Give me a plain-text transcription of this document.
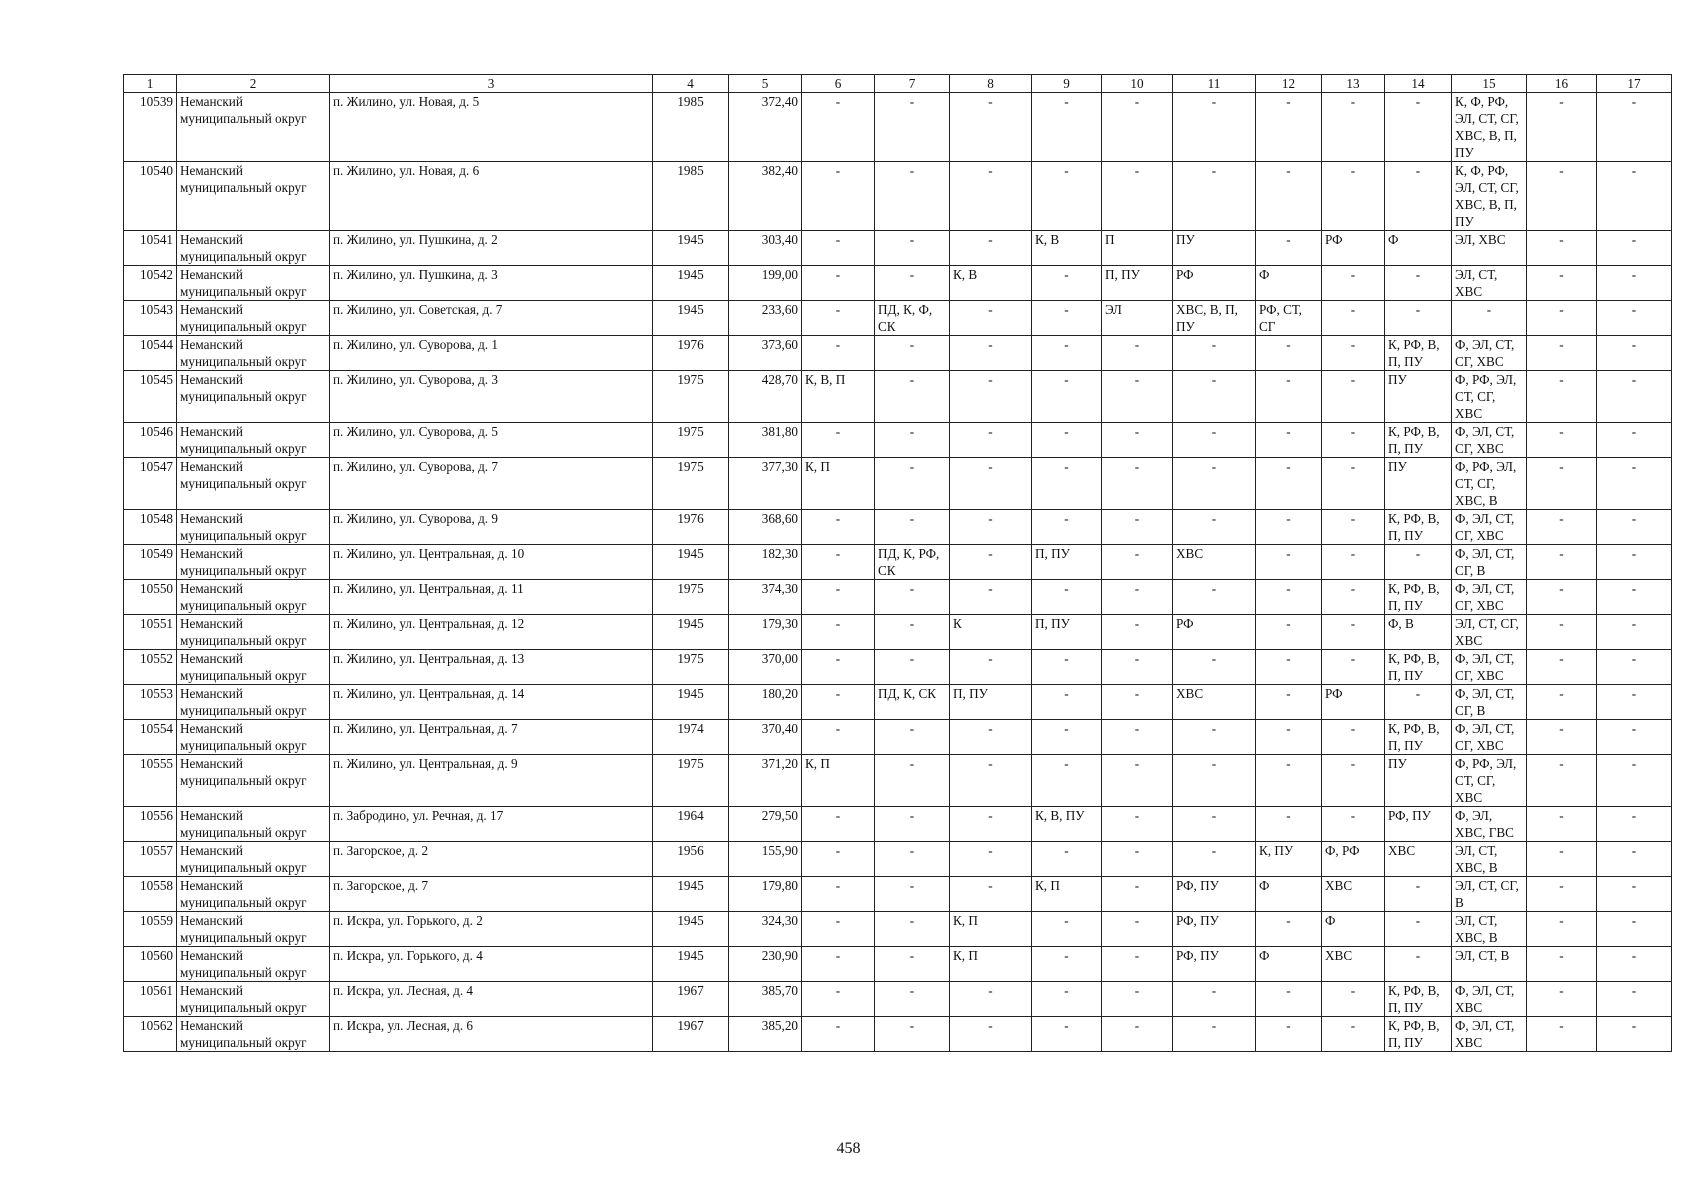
1	2	3	4	5	6	7	8	9	10	11	12	13	14	15	16	17
10539	Неманский муниципальный округ	п. Жилино, ул. Новая, д. 5	1985	372,40	-	-	-	-	-	-	-	-	-	К, Ф, РФ, ЭЛ, СТ, СГ, ХВС, В, П, ПУ	-	-
10540	Неманский муниципальный округ	п. Жилино, ул. Новая, д. 6	1985	382,40	-	-	-	-	-	-	-	-	-	К, Ф, РФ, ЭЛ, СТ, СГ, ХВС, В, П, ПУ	-	-
10541	Неманский муниципальный округ	п. Жилино, ул. Пушкина, д. 2	1945	303,40	-	-	-	К, В	П	ПУ	-	РФ	Ф	ЭЛ, ХВС	-	-
10542	Неманский муниципальный округ	п. Жилино, ул. Пушкина, д. 3	1945	199,00	-	-	К, В	-	П, ПУ	РФ	Ф	-	-	ЭЛ, СТ, ХВС	-	-
10543	Неманский муниципальный округ	п. Жилино, ул. Советская, д. 7	1945	233,60	-	ПД, К, Ф, СК	-	-	ЭЛ	ХВС, В, П, ПУ	РФ, СТ, СГ	-	-	-	-	-
10544	Неманский муниципальный округ	п. Жилино, ул. Суворова, д. 1	1976	373,60	-	-	-	-	-	-	-	-	К, РФ, В, П, ПУ	Ф, ЭЛ, СТ, СГ, ХВС	-	-
10545	Неманский муниципальный округ	п. Жилино, ул. Суворова, д. 3	1975	428,70	К, В, П	-	-	-	-	-	-	-	ПУ	Ф, РФ, ЭЛ, СТ, СГ, ХВС	-	-
10546	Неманский муниципальный округ	п. Жилино, ул. Суворова, д. 5	1975	381,80	-	-	-	-	-	-	-	-	К, РФ, В, П, ПУ	Ф, ЭЛ, СТ, СГ, ХВС	-	-
10547	Неманский муниципальный округ	п. Жилино, ул. Суворова, д. 7	1975	377,30	К, П	-	-	-	-	-	-	-	ПУ	Ф, РФ, ЭЛ, СТ, СГ, ХВС, В	-	-
10548	Неманский муниципальный округ	п. Жилино, ул. Суворова, д. 9	1976	368,60	-	-	-	-	-	-	-	-	К, РФ, В, П, ПУ	Ф, ЭЛ, СТ, СГ, ХВС	-	-
10549	Неманский муниципальный округ	п. Жилино, ул. Центральная, д. 10	1945	182,30	-	ПД, К, РФ, СК	-	П, ПУ	-	ХВС	-	-	-	Ф, ЭЛ, СТ, СГ, В	-	-
10550	Неманский муниципальный округ	п. Жилино, ул. Центральная, д. 11	1975	374,30	-	-	-	-	-	-	-	-	К, РФ, В, П, ПУ	Ф, ЭЛ, СТ, СГ, ХВС	-	-
10551	Неманский муниципальный округ	п. Жилино, ул. Центральная, д. 12	1945	179,30	-	-	К	П, ПУ	-	РФ	-	-	Ф, В	ЭЛ, СТ, СГ, ХВС	-	-
10552	Неманский муниципальный округ	п. Жилино, ул. Центральная, д. 13	1975	370,00	-	-	-	-	-	-	-	-	К, РФ, В, П, ПУ	Ф, ЭЛ, СТ, СГ, ХВС	-	-
10553	Неманский муниципальный округ	п. Жилино, ул. Центральная, д. 14	1945	180,20	-	ПД, К, СК	П, ПУ	-	-	ХВС	-	РФ	-	Ф, ЭЛ, СТ, СГ, В	-	-
10554	Неманский муниципальный округ	п. Жилино, ул. Центральная, д. 7	1974	370,40	-	-	-	-	-	-	-	-	К, РФ, В, П, ПУ	Ф, ЭЛ, СТ, СГ, ХВС	-	-
10555	Неманский муниципальный округ	п. Жилино, ул. Центральная, д. 9	1975	371,20	К, П	-	-	-	-	-	-	-	ПУ	Ф, РФ, ЭЛ, СТ, СГ, ХВС	-	-
10556	Неманский муниципальный округ	п. Забродино, ул. Речная, д. 17	1964	279,50	-	-	-	К, В, ПУ	-	-	-	-	РФ, ПУ	Ф, ЭЛ, ХВС, ГВС	-	-
10557	Неманский муниципальный округ	п. Загорское, д. 2	1956	155,90	-	-	-	-	-	-	К, ПУ	Ф, РФ	ХВС	ЭЛ, СТ, ХВС, В	-	-
10558	Неманский муниципальный округ	п. Загорское, д. 7	1945	179,80	-	-	-	К, П	-	РФ, ПУ	Ф	ХВС	-	ЭЛ, СТ, СГ, В	-	-
10559	Неманский муниципальный округ	п. Искра, ул. Горького, д. 2	1945	324,30	-	-	К, П	-	-	РФ, ПУ	-	Ф	-	ЭЛ, СТ, ХВС, В	-	-
10560	Неманский муниципальный округ	п. Искра, ул. Горького, д. 4	1945	230,90	-	-	К, П	-	-	РФ, ПУ	Ф	ХВС	-	ЭЛ, СТ, В	-	-
10561	Неманский муниципальный округ	п. Искра, ул. Лесная, д. 4	1967	385,70	-	-	-	-	-	-	-	-	К, РФ, В, П, ПУ	Ф, ЭЛ, СТ, ХВС	-	-
10562	Неманский муниципальный округ	п. Искра, ул. Лесная, д. 6	1967	385,20	-	-	-	-	-	-	-	-	К, РФ, В, П, ПУ	Ф, ЭЛ, СТ, ХВС	-	-
458
